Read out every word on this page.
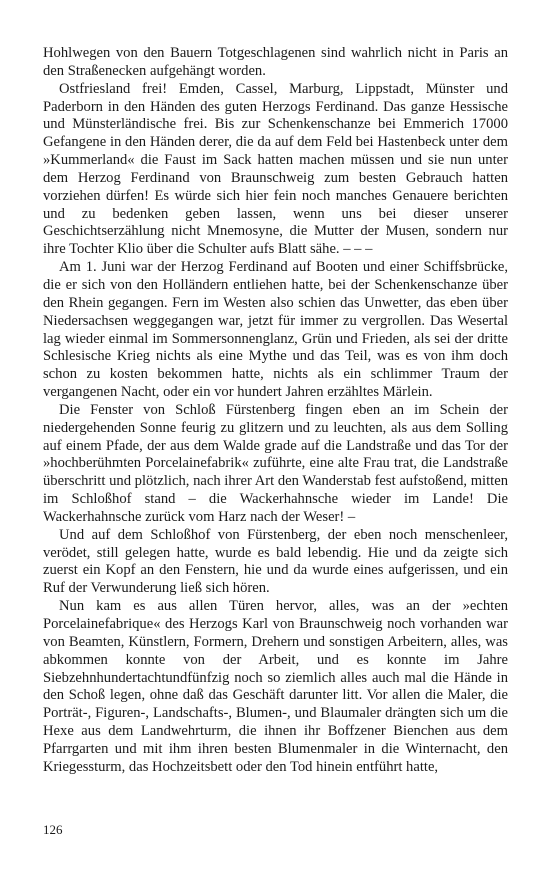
Hohlwegen von den Bauern Totgeschlagenen sind wahrlich nicht in Paris an den Straßenecken aufgehängt worden.

Ostfriesland frei! Emden, Cassel, Marburg, Lippstadt, Münster und Paderborn in den Händen des guten Herzogs Ferdinand. Das ganze Hessische und Münsterländische frei. Bis zur Schenkenschanze bei Emmerich 17000 Gefangene in den Händen derer, die da auf dem Feld bei Hastenbeck unter dem »Kummerland« die Faust im Sack hatten machen müssen und sie nun unter dem Herzog Ferdinand von Braunschweig zum besten Gebrauch hatten vorziehen dürfen! Es würde sich hier fein noch manches Genauere berichten und zu bedenken geben lassen, wenn uns bei dieser unserer Geschichtserzählung nicht Mnemosyne, die Mutter der Musen, sondern nur ihre Tochter Klio über die Schulter aufs Blatt sähe. – – –

Am 1. Juni war der Herzog Ferdinand auf Booten und einer Schiffsbrücke, die er sich von den Holländern entliehen hatte, bei der Schenkenschanze über den Rhein gegangen. Fern im Westen also schien das Unwetter, das eben über Niedersachsen weggegangen war, jetzt für immer zu vergrollen. Das Wesertal lag wieder einmal im Sommersonnenglanz, Grün und Frieden, als sei der dritte Schlesische Krieg nichts als eine Mythe und das Teil, was es von ihm doch schon zu kosten bekommen hatte, nichts als ein schlimmer Traum der vergangenen Nacht, oder ein vor hundert Jahren erzähltes Märlein.

Die Fenster von Schloß Fürstenberg fingen eben an im Schein der niedergehenden Sonne feurig zu glitzern und zu leuchten, als aus dem Solling auf einem Pfade, der aus dem Walde grade auf die Landstraße und das Tor der »hochberühmten Porcelainefabrik« zuführte, eine alte Frau trat, die Landstraße überschritt und plötzlich, nach ihrer Art den Wanderstab fest aufstoßend, mitten im Schloßhof stand – die Wackerhahnsche wieder im Lande! Die Wackerhahnsche zurück vom Harz nach der Weser! –

Und auf dem Schloßhof von Fürstenberg, der eben noch menschenleer, verödet, still gelegen hatte, wurde es bald lebendig. Hie und da zeigte sich zuerst ein Kopf an den Fenstern, hie und da wurde eines aufgerissen, und ein Ruf der Verwunderung ließ sich hören.

Nun kam es aus allen Türen hervor, alles, was an der »echten Porcelainefabrique« des Herzogs Karl von Braunschweig noch vorhanden war von Beamten, Künstlern, Formern, Drehern und sonstigen Arbeitern, alles, was abkommen konnte von der Arbeit, und es konnte im Jahre Siebzehnhundertachtundfünfzig noch so ziemlich alles auch mal die Hände in den Schoß legen, ohne daß das Geschäft darunter litt. Vor allen die Maler, die Porträt-, Figuren-, Landschafts-, Blumen-, und Blaumaler drängten sich um die Hexe aus dem Landwehrturm, die ihnen ihr Boffzener Bienchen aus dem Pfarrgarten und mit ihm ihren besten Blumenmaler in die Winternacht, den Kriegessturm, das Hochzeitsbett oder den Tod hinein entführt hatte,

126
